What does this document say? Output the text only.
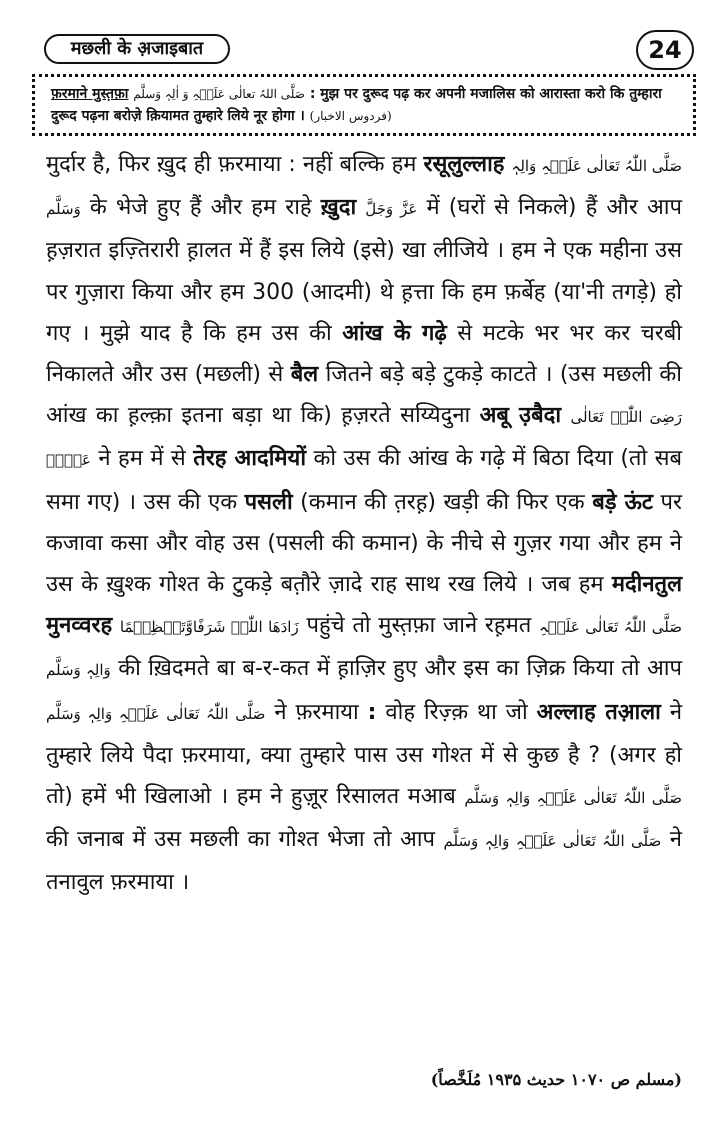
मछली के अ़जाइबात	24
फ़रमाने मुस्त़फ़ा صَلَّی اللہُ تعالٰی عَلَیۡہِ وَ اٰلِہٖ وَسلَّم : मुझ पर दुरूद पढ़ कर अपनी मजालिस को आरास्ता करो कि तुम्हारा दुरूद पढ़ना बरोज़े क़ियामत तुम्हारे लिये नूर होगा । (فردوس الاخبار)
मुर्दार है, फिर ख़ुद ही फ़रमाया : नहीं बल्कि हम रसूलुल्लाह صَلَّی اللّٰہُ تَعَالٰی عَلَیۡہِ وَالِہٖ وَسَلَّم के भेजे हुए हैं और हम राहे ख़ुदा عَزَّ وَجَلَّ में (घरों से निकले) हैं और आप ह़ज़रात इज़्तिरारी ह़ालत में हैं इस लिये (इसे) खा लीजिये । हम ने एक महीना उस पर गुज़ारा किया और हम 300 (आदमी) थे ह़त्ता कि हम फ़र्बेह (या'नी तगड़े) हो गए । मुझे याद है कि हम उस की आंख के गढ़े से मटके भर भर कर चरबी निकालते और उस (मछली) से बैल जितने बड़े बड़े टुकड़े काटते । (उस मछली की आंख का ह़ल्क़ा इतना बड़ा था कि) ह़ज़रते सय्यिदुना अबू उ़बैदा رَضِیَ اللّٰہُ تَعَالٰی عَنۡہُ ने हम में से तेरह आदमियों को उस की आंख के गढ़े में बिठा दिया (तो सब समा गए) । उस की एक पसली (कमान की त़रह़) खड़ी की फिर एक बड़े ऊंट पर कजावा कसा और वोह उस (पसली की कमान) के नीचे से गुज़र गया और हम ने उस के ख़ुश्क गोश्त के टुकड़े बत़ौरे ज़ादे राह साथ रख लिये । जब हम मदीनतुल मुनव्वरह زَادَھَا اللّٰہُ شَرَفًاوَّتَعۡظِیۡمًا पहुंचे तो मुस्त़फ़ा जाने रह़मत صَلَّی اللّٰہُ تَعَالٰی عَلَیۡہِ وَالِہٖ وَسَلَّم की ख़िदमते बा ब-र-कत में ह़ाज़िर हुए और इस का ज़िक्र किया तो आप صَلَّی اللّٰہُ تَعَالٰی عَلَیۡہِ وَالِہٖ وَسَلَّم ने फ़रमाया : वोह रिज़्क़ था जो अल्लाह तआ़ला ने तुम्हारे लिये पैदा फ़रमाया, क्या तुम्हारे पास उस गोश्त में से कुछ है ? (अगर हो तो) हमें भी खिलाओ । हम ने हुज़ूर रिसालत मआब صَلَّی اللّٰہُ تَعَالٰی عَلَیۡہِ وَالِہٖ وَسَلَّم की जनाब में उस मछली का गोश्त भेजा तो आप صَلَّی اللّٰہُ تَعَالٰی عَلَیۡہِ وَالِہٖ وَسَلَّم ने तनावुल फ़रमाया ।
(مسلم ص ۱۰۷۰ حدیث ۱۹۳۵ مُلَخَّصاً)
